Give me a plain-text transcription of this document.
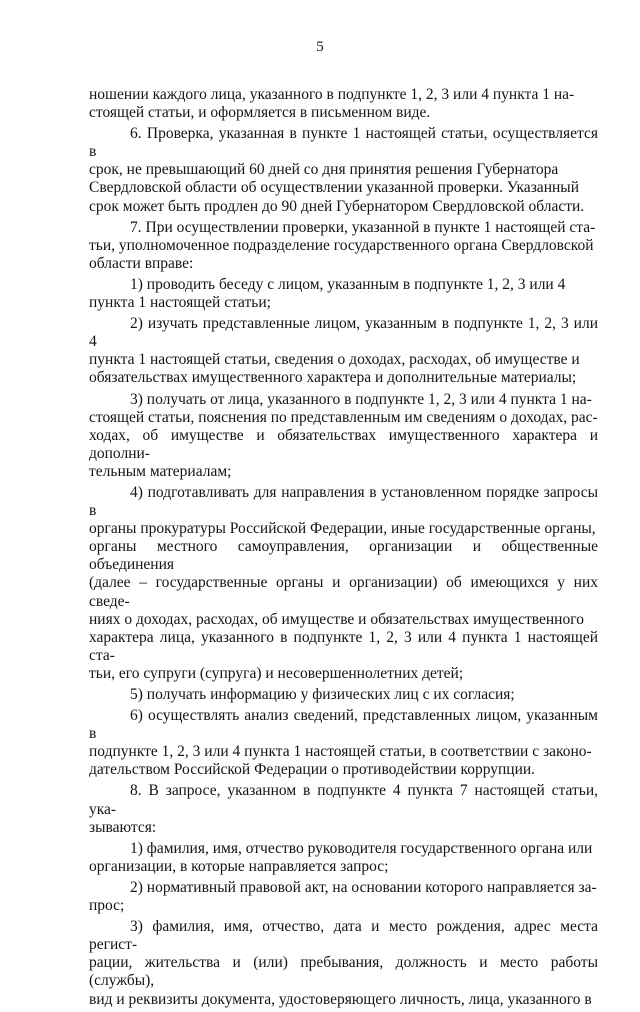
5

ношении каждого лица, указанного в подпункте 1, 2, 3 или 4 пункта 1 на-
стоящей статьи, и оформляется в письменном виде.

6. Проверка, указанная в пункте 1 настоящей статьи, осуществляется в
срок, не превышающий 60 дней со дня принятия решения Губернатора
Свердловской области об осуществлении указанной проверки. Указанный
срок может быть продлен до 90 дней Губернатором Свердловской области.

7. При осуществлении проверки, указанной в пункте 1 настоящей ста-
тьи, уполномоченное подразделение государственного органа Свердловской
области вправе:

1) проводить беседу с лицом, указанным в подпункте 1, 2, 3 или 4
пункта 1 настоящей статьи;

2) изучать представленные лицом, указанным в подпункте 1, 2, 3 или 4
пункта 1 настоящей статьи, сведения о доходах, расходах, об имуществе и
обязательствах имущественного характера и дополнительные материалы;

3) получать от лица, указанного в подпункте 1, 2, 3 или 4 пункта 1 на-
стоящей статьи, пояснения по представленным им сведениям о доходах, рас-
ходах, об имуществе и обязательствах имущественного характера и дополни-
тельным материалам;

4) подготавливать для направления в установленном порядке запросы в
органы прокуратуры Российской Федерации, иные государственные органы,
органы местного самоуправления, организации и общественные объединения
(далее – государственные органы и организации) об имеющихся у них сведе-
ниях о доходах, расходах, об имуществе и обязательствах имущественного
характера лица, указанного в подпункте 1, 2, 3 или 4 пункта 1 настоящей ста-
тьи, его супруги (супруга) и несовершеннолетних детей;

5) получать информацию у физических лиц с их согласия;

6) осуществлять анализ сведений, представленных лицом, указанным в
подпункте 1, 2, 3 или 4 пункта 1 настоящей статьи, в соответствии с законо-
дательством Российской Федерации о противодействии коррупции.

8. В запросе, указанном в подпункте 4 пункта 7 настоящей статьи, ука-
зываются:

1) фамилия, имя, отчество руководителя государственного органа или
организации, в которые направляется запрос;

2) нормативный правовой акт, на основании которого направляется за-
прос;

3) фамилия, имя, отчество, дата и место рождения, адрес места регист-
рации, жительства и (или) пребывания, должность и место работы (службы),
вид и реквизиты документа, удостоверяющего личность, лица, указанного в
